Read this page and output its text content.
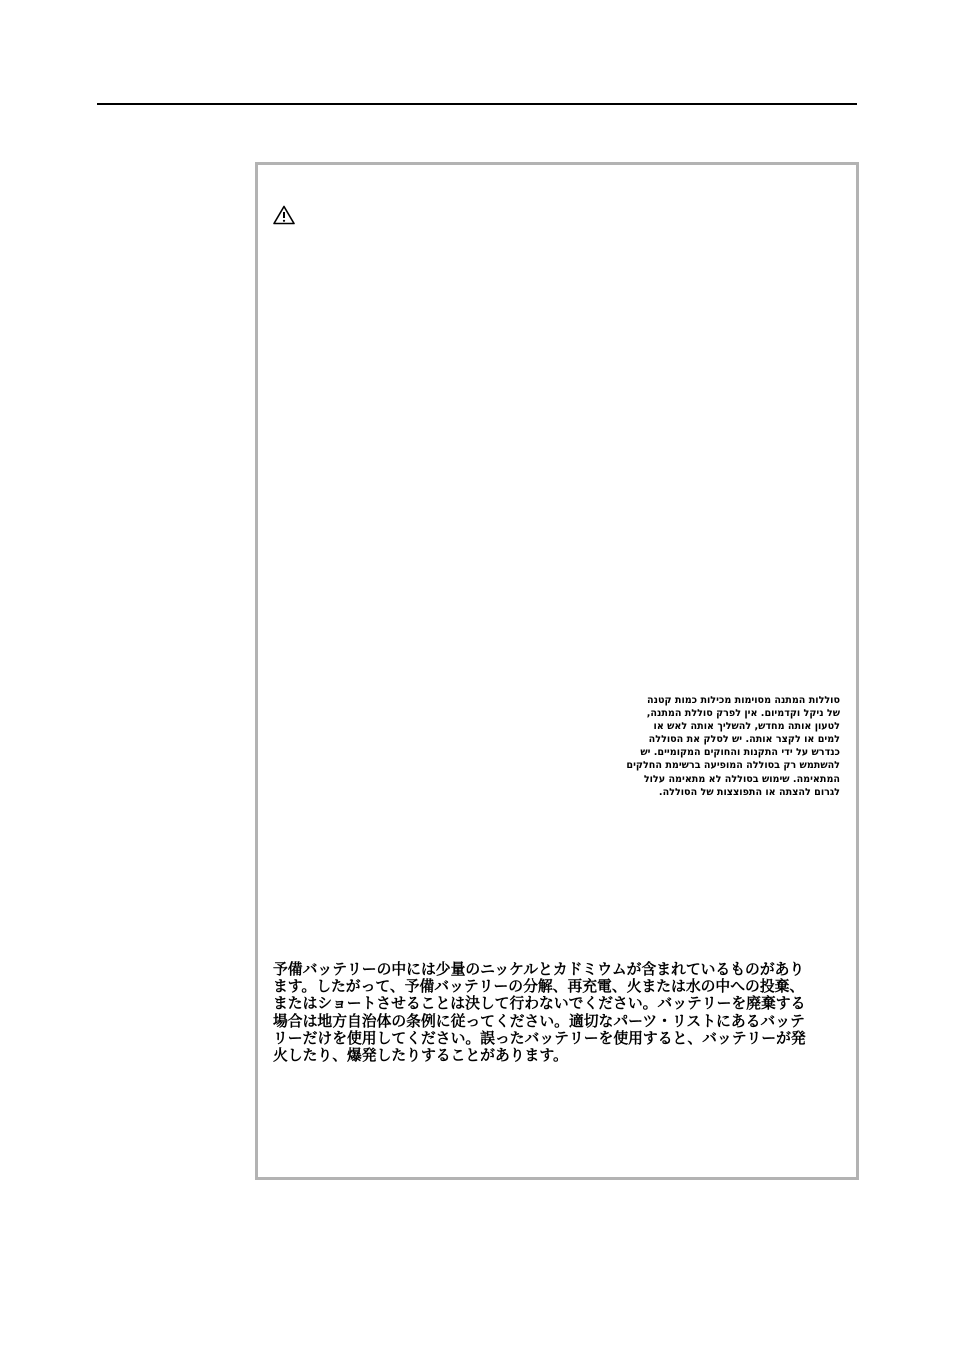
סוללות המתנה מסוימות מכילות כמות קטנה
של ניקל וקדמיום. אין לפרק סוללת המתנה,
לטעון אותה מחדש, להשליך אותה לאש או
למים או לקצר אותה. יש לסלק את הסוללה
כנדרש על ידי התקנות והחוקים המקומיים. יש
להשתמש רק בסוללה המופיעה ברשימת החלקים
המתאימה. שימוש בסוללה לא מתאימה עלול
לגרום להצתה או התפוצצות של הסוללה.
予備バッテリーの中には少量のニッケルとカドミウムが含まれているものがあり
ます。したがって、予備バッテリーの分解、再充電、火または水の中への投棄、
またはショートさせることは決して行わないでください。バッテリーを廃棄する
場合は地方自治体の条例に従ってください。適切なパーツ・リストにあるバッテ
リーだけを使用してください。誤ったバッテリーを使用すると、バッテリーが発
火したり、爆発したりすることがあります。
